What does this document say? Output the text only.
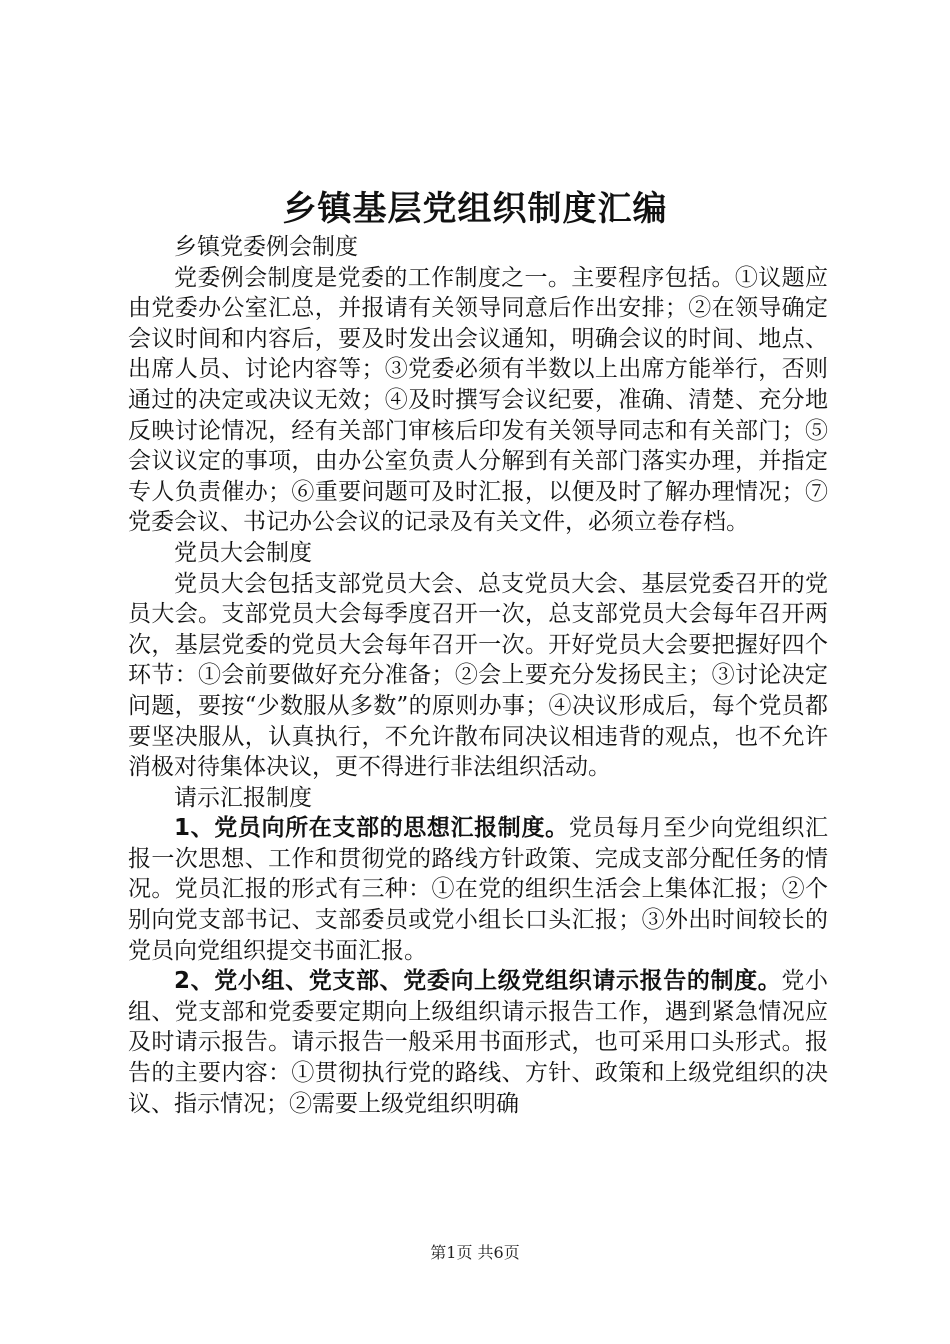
乡镇基层党组织制度汇编

乡镇党委例会制度

党委例会制度是党委的工作制度之一。主要程序包括。①议题应由党委办公室汇总，并报请有关领导同意后作出安排；②在领导确定会议时间和内容后，要及时发出会议通知，明确会议的时间、地点、出席人员、讨论内容等；③党委必须有半数以上出席方能举行，否则通过的决定或决议无效；④及时撰写会议纪要，准确、清楚、充分地反映讨论情况，经有关部门审核后印发有关领导同志和有关部门；⑤会议议定的事项，由办公室负责人分解到有关部门落实办理，并指定专人负责催办；⑥重要问题可及时汇报，以便及时了解办理情况；⑦党委会议、书记办公会议的记录及有关文件，必须立卷存档。

党员大会制度

党员大会包括支部党员大会、总支党员大会、基层党委召开的党员大会。支部党员大会每季度召开一次，总支部党员大会每年召开两次，基层党委的党员大会每年召开一次。开好党员大会要把握好四个环节：①会前要做好充分准备；②会上要充分发扬民主；③讨论决定问题，要按“少数服从多数”的原则办事；④决议形成后，每个党员都要坚决服从，认真执行，不允许散布同决议相违背的观点，也不允许消极对待集体决议，更不得进行非法组织活动。

请示汇报制度

1、党员向所在支部的思想汇报制度。党员每月至少向党组织汇报一次思想、工作和贯彻党的路线方针政策、完成支部分配任务的情况。党员汇报的形式有三种：①在党的组织生活会上集体汇报；②个别向党支部书记、支部委员或党小组长口头汇报；③外出时间较长的党员向党组织提交书面汇报。

2、党小组、党支部、党委向上级党组织请示报告的制度。党小组、党支部和党委要定期向上级组织请示报告工作，遇到紧急情况应及时请示报告。请示报告一般采用书面形式，也可采用口头形式。报告的主要内容：①贯彻执行党的路线、方针、政策和上级党组织的决议、指示情况；②需要上级党组织明确

第1页 共6页
